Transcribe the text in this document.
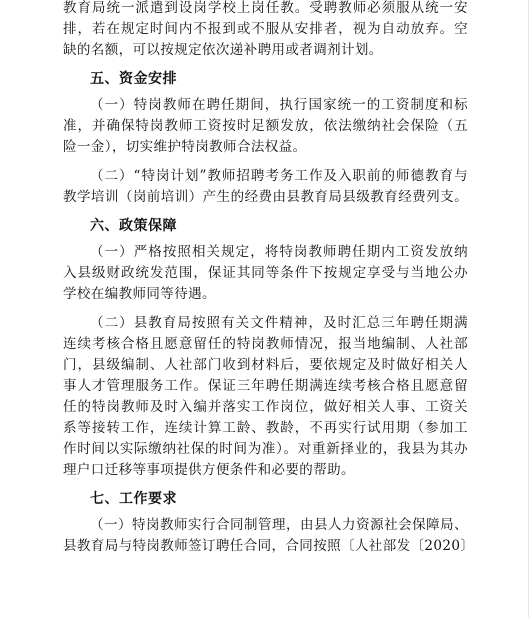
教育局统一派遣到设岗学校上岗任教。受聘教师必须服从统一安

排，若在规定时间内不报到或不服从安排者，视为自动放弃。空

缺的名额，可以按规定依次递补聘用或者调剂计划。

五、资金安排

（一）特岗教师在聘任期间，执行国家统一的工资制度和标

准，并确保特岗教师工资按时足额发放，依法缴纳社会保险（五

险一金），切实维护特岗教师合法权益。

（二）“特岗计划”教师招聘考务工作及入职前的师德教育与

教学培训（岗前培训）产生的经费由县教育局县级教育经费列支。

六、政策保障

（一）严格按照相关规定，将特岗教师聘任期内工资发放纳

入县级财政统发范围，保证其同等条件下按规定享受与当地公办

学校在编教师同等待遇。

（二）县教育局按照有关文件精神，及时汇总三年聘任期满

连续考核合格且愿意留任的特岗教师情况，报当地编制、人社部

门，县级编制、人社部门收到材料后，要依规定及时做好相关人

事人才管理服务工作。保证三年聘任期满连续考核合格且愿意留

任的特岗教师及时入编并落实工作岗位，做好相关人事、工资关

系等接转工作，连续计算工龄、教龄，不再实行试用期（参加工

作时间以实际缴纳社保的时间为准）。对重新择业的，我县为其办

理户口迁移等事项提供方便条件和必要的帮助。

七、工作要求

（一）特岗教师实行合同制管理，由县人力资源社会保障局、

县教育局与特岗教师签订聘任合同，合同按照〔人社部发〔2020〕
